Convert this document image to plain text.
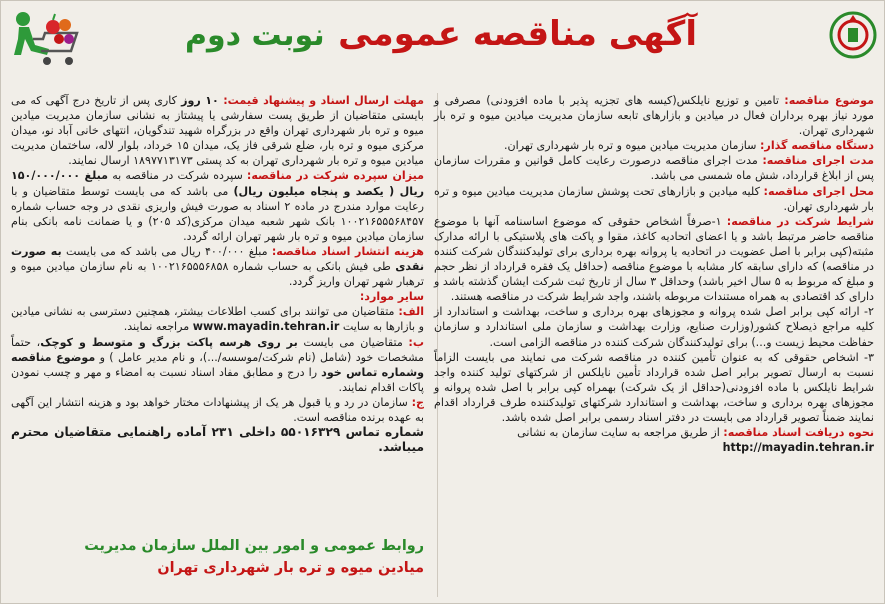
آگهی مناقصه عمومی نوبت دوم

موضوع مناقصه: تامین و توزیع نایلکس(کیسه های تجزیه پذیر با ماده افزودنی) مصرفی و مورد نیاز بهره برداران فعال در میادین و بازارهای تابعه سازمان مدیریت میادین میوه و تره بار شهرداری تهران.

دستگاه مناقصه گذار: سازمان مدیریت میادین میوه و تره بار شهرداری تهران.

مدت اجرای مناقصه: مدت اجرای مناقصه درصورت رعایت کامل قوانین و مقررات سازمان پس از ابلاغ قرارداد، شش ماه شمسی می باشد.

محل اجرای مناقصه: کلیه میادین و بازارهای تحت پوشش سازمان مدیریت میادین میوه و تره بار شهرداری تهران.

شرایط شرکت در مناقصه: ۱-صرفاً اشخاص حقوقی که موضوع اساسنامه آنها با موضوع مناقصه حاضر مرتبط باشد و یا اعضای اتحادیه کاغذ، مقوا و پاکت های پلاستیکی با ارائه مدارک مثبته(کپی برابر با اصل عضویت در اتحادیه یا پروانه بهره برداری برای تولیدکنندگان شرکت کننده در مناقصه) که دارای سابقه کار مشابه با موضوع مناقصه (حداقل یک فقره قرارداد از نظر حجم و مبلغ که مربوط به ۵ سال اخیر باشد) وحداقل ۳ سال از تاریخ ثبت شرکت ایشان گذشته باشد و دارای کد اقتصادی به همراه مستندات مربوطه باشند، واجد شرایط شرکت در مناقصه هستند.

۲- ارائه کپی برابر اصل شده پروانه و مجوزهای بهره برداری و ساخت، بهداشت و استاندارد از کلیه مراجع ذیصلاح کشور(وزارت صنایع، وزارت بهداشت و سازمان ملی استاندارد و سازمان حفاظت محیط زیست و...) برای تولیدکنندگان شرکت کننده در مناقصه الزامی است.

۳- اشخاص حقوقی که به عنوان تأمین کننده در مناقصه شرکت می نمایند می بایست الزاماً نسبت به ارسال تصویر برابر اصل شده قرارداد تأمین نایلکس از شرکتهای تولید کننده واجد شرایط نایلکس با ماده افزودنی(حداقل از یک شرکت) بهمراه کپی برابر با اصل شده پروانه و مجوزهای بهره برداری و ساخت، بهداشت و استاندارد شرکتهای تولیدکننده طرف قرارداد اقدام نمایند ضمناً تصویر قرارداد می بایست در دفتر اسناد رسمی برابر اصل شده باشد.

نحوه دریافت اسناد مناقصه: از طریق مراجعه به سایت سازمان به نشانی

http://mayadin.tehran.ir

مهلت ارسال اسناد و پیشنهاد قیمت: ۱۰ روز کاری پس از تاریخ درج آگهی که می بایستی متقاضیان از طریق پست سفارشی یا پیشتاز به نشانی سازمان مدیریت میادین میوه و تره بار شهرداری تهران واقع در بزرگراه شهید تندگویان، انتهای خانی آباد نو، میدان مرکزی میوه و تره بار، ضلع شرقی فاز یک، میدان ۱۵ خرداد، بلوار لاله، ساختمان مدیریت میادین میوه و تره بار شهرداری تهران به کد پستی ۱۸۹۷۷۱۳۱۷۳ ارسال نمایند.

میزان سپرده شرکت در مناقصه: سپرده شرکت در مناقصه به مبلغ ۱۵۰/۰۰۰/۰۰۰ ریال ( یکصد و پنجاه میلیون ریال) می باشد که می بایست توسط متقاضیان و با رعایت موارد مندرج در ماده ۲ اسناد به صورت فیش واریزی نقدی در وجه حساب شماره ۱۰۰۲۱۶۵۵۵۶۸۴۵۷ بانک شهر شعبه میدان مرکزی(کد ۲۰۵) و یا ضمانت نامه بانکی بنام سازمان میادین میوه و تره بار شهر تهران ارائه گردد.

هزینه انتشار اسناد مناقصه: مبلغ ۴۰۰/۰۰۰ ریال می باشد که می بایست به صورت نقدی طی فیش بانکی به حساب شماره ۱۰۰۲۱۶۵۵۵۶۸۵۸ به نام سازمان میادین میوه و ترهبار شهر تهران واریز گردد.

سایر موارد:

الف: متقاضیان می توانند برای کسب اطلاعات بیشتر، همچنین دسترسی به نشانی میادین و بازارها به سایت www.mayadin.tehran.ir مراجعه نمایند.

ب: متقاضیان می بایست بر روی هرسه پاکت بزرگ و متوسط و کوچک، حتماً مشخصات خود (شامل (نام شرکت/موسسه/...)، و نام مدیر عامل ) و موضوع مناقصه وشماره تماس خود را درج و مطابق مفاد اسناد نسبت به امضاء و مهر و چسب نمودن پاکات اقدام نمایند.

ج: سازمان در رد و یا قبول هر یک از پیشنهادات مختار خواهد بود و هزینه انتشار این آگهی به عهده برنده مناقصه است.

شماره تماس ۵۵۰۱۶۳۲۹ داخلی ۲۳۱ آماده راهنمایی متقاضیان محترم میباشد.

روابط عمومی و امور بین الملل سازمان مدیریت
میادین میوه و تره بار شهرداری تهران
